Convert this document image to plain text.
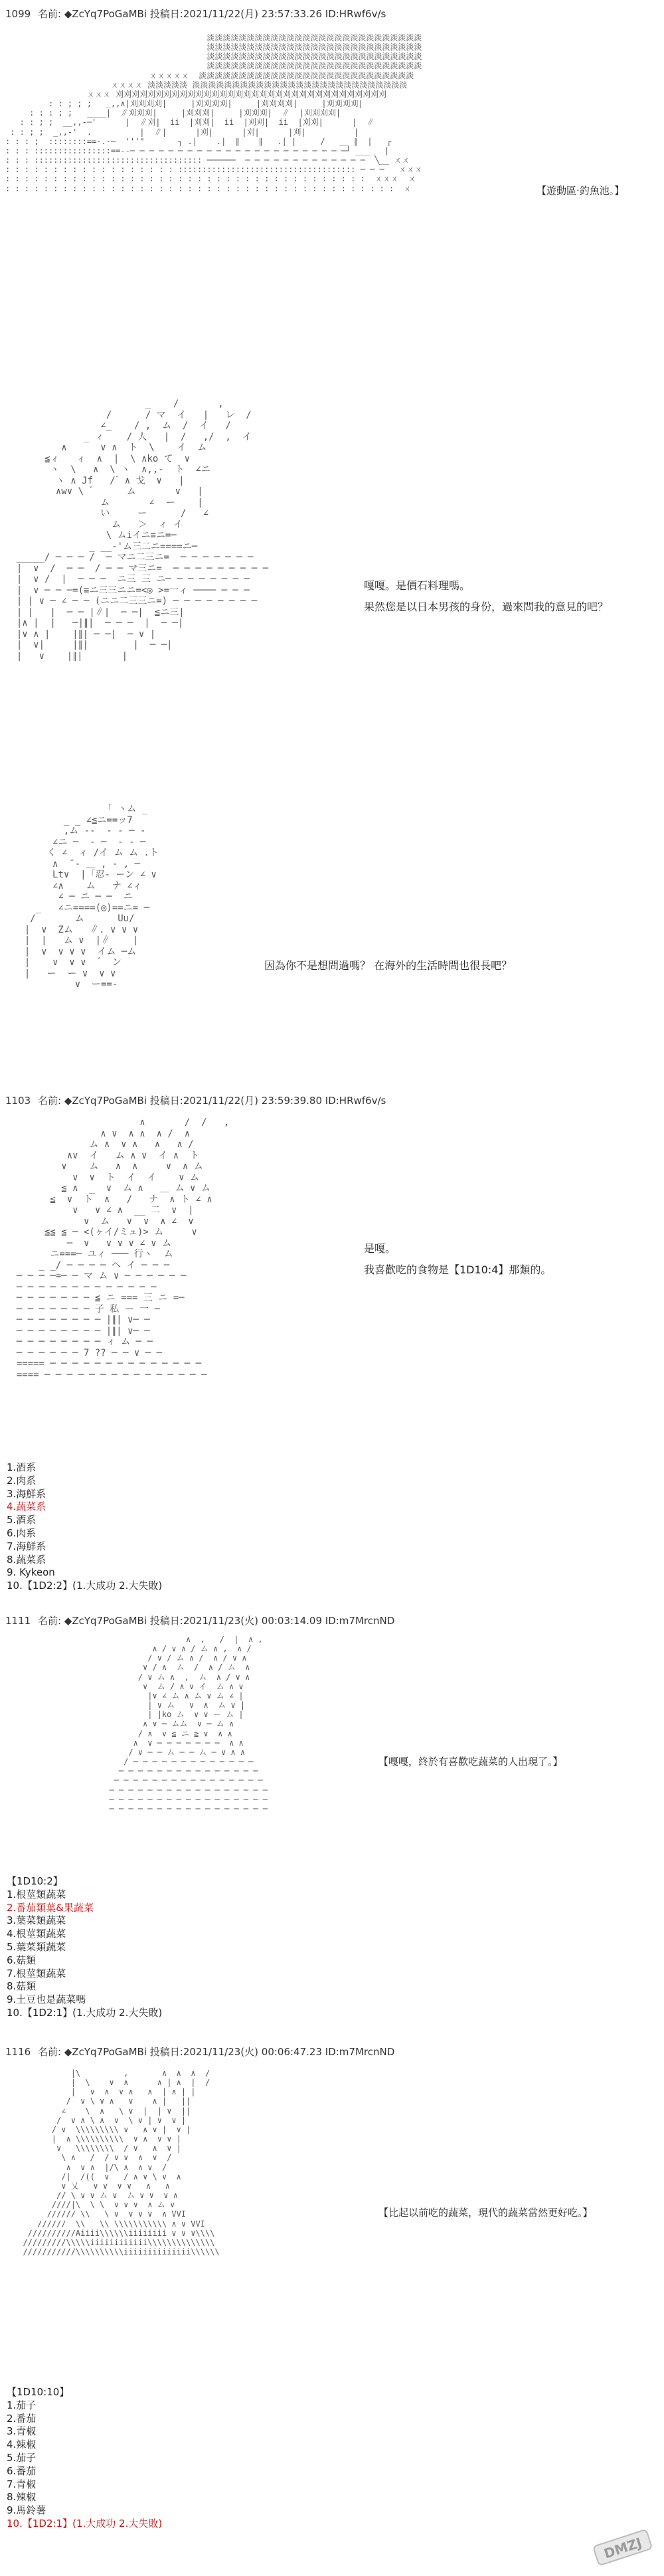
1099 名前: ◆ZcYq7PoGaMBi 投稿日:2021/11/22(月) 23:57:33.26 ID:HRwf6v/s
淡淡淡淡淡淡淡淡淡淡淡淡淡淡淡淡淡淡淡淡淡淡淡淡淡淡淡
淡淡淡淡淡淡淡淡淡淡淡淡淡淡淡淡淡淡淡淡淡淡淡淡淡淡淡
淡淡淡淡淡淡淡淡淡淡淡淡淡淡淡淡淡淡淡淡淡淡淡淡淡淡淡
淡淡淡淡淡淡淡淡淡淡淡淡淡淡淡淡淡淡淡淡淡淡淡淡淡淡淡
ㄨㄨㄨㄨㄨ  淡淡淡淡淡淡淡淡淡淡淡淡淡淡淡淡淡淡淡淡淡淡淡淡淡淡淡
ㄨㄨㄨㄨ 淡淡淡淡淡 淡淡淡淡淡淡淡淡淡淡淡淡淡淡淡淡淡淡淡淡淡淡淡淡淡淡淡
ㄨㄨㄨ 刈刈刈刈刈刈刈刈刈刈刈刈刈刈刈刈刈刈刈刈刈刈刈刈刈刈刈刈刈刈刈刈刈刈
: : ; ; ;   _,,∧|刈刈刈刈|     |刈刈刈刈|     |刈刈刈刈|     |刈刈刈刈|
: : : ; ;   ____|  ∥刈刈刈|     |刈刈刈|     |刈刈刈|  ∥  |刈刈刈刈|
: : ; ;  __,,-─'      |  ∥刈|  ii  |刈刈|  ii  |刈刈|  ii  |刈刈|      |  ∥
: : ; ;  _,,-'  .          |  ∥|      |刈|      |刈|      |刈|          |
: : : ;  ::::::::==-.-─  '''"       ┐ .|    .|  ∥    ∥   .| |     /   __ ∥  |   ┌
: : : ::::::::::::::::==--─ ─ ─ ─ ─ ─ ─ ─ ─ ─ ─ ─ ─ ─ ─ ─ ─ ─ ─ ─ ─ ─ ─┘ ___   |
: : : ::::::::::::::::::::::::::::::::::: ──────  ─ ─ ─ ─ ─ ─ ─ ─ ─ ─ ─ ─ ─  ╲__ ㄨㄨ
: : : : : : : : : : : : : : : : : : ::::::::::::::::::::::::::::::::::::: ─ ─ ─   ㄨㄨㄨ
: : : : : : : : : : : : : : : : : : : : : : : : : : : : : : : : : : : : : :  ㄨㄨㄨ  ㄨ
: : : : : : : : : : : : : : : : : : : : : : : : : : : : : : : : : : : : : : : : :  ㄨ	【遊動區·釣魚池。】
_    /       ,
/      / マ  イ   |   レ  /
∠_    / ,  ム  /  イ   /
_ ィ    / 人   |  /   ,/  ,  イ
∧      ∨ ∧  ト  \    イ  ム
≦ィ   ィ  ∧  |  \ ∧ko て  ∨
ヽ  \   ∧  \ ヽ  ∧,,-  ト  ∠ニ
ヽ ∧ Jf   /゛∧ 戈  ∨   |
∧w∨ \ ゛     ム       ∨   |
ム       ∠  ー    |
い     ー      /   ∠
ム   ＞  ィ イ
\ ムiイニ≡ニ=─
_ __-'ム三二ニ====ニ─
_____/ ─ ─ ─ /  ─ マニ二三ニ=  ─ ─ ─ ─ ─ ─ ─
|  ∨  /  ─ ─  / ─ ─ マ三ニ=  ─ ─ ─ ─ ─ ─ ─ ─ ─
|  ∨ /  |  ─ ─ ─  ニ三 三 ニ─ ─ ─ ─ ─ ─ ─ ─
|  ∨ ─ ─ ─=(≡ニ三三ニニ=<◎ >=一ィ ──── ─ ─ ─
| | ∨ ─ ∠ ─ ─ (ニニ二三三ニ=) ─ ─ ─ ─ ─ ─ ─ ─
| |   |  ─ ─ |∥|  ─ ─|  ≦ニ三|
|∧ |  |   ─|∥|  ─ ─ ─  |  ─ ─|
|∨ ∧ |    |∥| ─ ─|  ─ ∨ |
|  ∨|     |∥|        |  ─ ─|
|   ∨    |∥|       |
嘎嘎。是價石料理嗎。
果然您是以日本男孩的身份，過來問我的意見的吧？
「 ヽム _
_ _ ∠≦ニ==ッ7
,ム ‐‐  ‐ ‐ ─ ‐
∠ニ ─  ‐ ─  ‐ ‐ ─
く ∠  ィ /イ ム ム .ト
∧  ̄ ‐ ＿ , ‐ , ─
Lt∨  |「忍‐ ーン ∠ ∨
∠∧    ム   ナ ∠ィ
∠ ─ ニ ─ ─  ニ
_   ∠ニ====(◎)==ニ= ─
/       ム      U∪/
|  ∨  Zム   ∥. ∨ ∨ ∨
|  |   ム ∨  |∥    |
|  ∨  ∨ ∨ ∨  イム ─ム
|    ∨  ∨ ∨  ゛ ン
|   ー  ー ∨  ∨ ∨
∨  ー==‐
因為你不是想問過嗎？ 在海外的生活時間也很長吧？
1103 名前: ◆ZcYq7PoGaMBi 投稿日:2021/11/22(月) 23:59:39.80 ID:HRwf6v/s
∧       /  /   ,
∧ ∨  ∧ ∧  ∧ /  ∧
ム ∧  ∨ ∧   ∧   ∧ /
∧∨  イ   ム ∧ ∨  イ ∧  ト
∨    ム   ∧  ∧     ∨  ∧ ム
∨  ∨  ト  イ  イ    ∨ ム
≦ ∧  _  ∨  ム ∧   ＿ ム ∨ ム
≦  ∨  ト  ∧   /   ナ  ∧ ト ∠ ∧
∨   ∨ ∠ ∧  __ 二  ∨  |
∨  ム   ∨  ∨  ∧ ∠  ∨
≦≦ ≦ ─ <(ヶイ/ミュ)> ム     ∨
─  ∨   ∨ ∨ ∨ ∠ ∨ ム
ニ===─ ユィ ─── 行ヽ  ム
_ _/ ─ ─ ─ ─ ヘ イ ─ ─ ─
─ ─ ─ ─=─ ─ マ ム ∨ ─ ─ ─ ─ ─ ─
─ ─ ─ ─ ─ ─ ─ ─ ─ ─ ─ ─ ─
─ ─ ─ ─ ─ ─ ─ ≦ ニ === 三 ニ =─
─ ─ ─ ─ ─ ─ ─ 子 私 ー 一 ─
─ ─ ─ ─ ─ ─ ─ ─ |∥| ∨─ ─
─ ─ ─ ─ ─ ─ ─ ─ |∥| ∨─ ─
─ ─ ─ ─ ─ ─ ─ ─ ィ ム ─ ─
─ ─ ─ ─ ─ ─ 7 ?? ─ ─ ∨ ─ ─
===== ─ ─ ─ ─ ─ ─ ─ ─ ─ ─ ─ ─ ─ ─
==== ─ ─ ─ ─ ─ ─ ─ ─ ─ ─ ─ ─ ─ ─ ─
是嘎。
我喜歡吃的食物是【1D10:4】那類的。
1.酒系
2.肉系
3.海鮮系
4.蔬菜系
5.酒系
6.肉系
7.海鮮系
8.蔬菜系
9. Kykeon
10.【1D2:2】(1.大成功 2.大失敗)
1111 名前: ◆ZcYq7PoGaMBi 投稿日:2021/11/23(火) 00:03:14.09 ID:m7MrcnND
∧  ,   /  |  ∧ ,
∧ / ∨ ∧ / ム ∧ ,  ∧ /
/ ∨ / ム ∧ /  ∧ / ∨ ∧
∨ / ∧  ム  /  ∧ / ム  ∧
/ ∨ ム ∧  ,  ム  ∧ / ∨ ∧
∨  ム / ∧ ∨ イ  ム ∧ ∨
|∨ ∠ ム ∧ ム ∨ ム ∠ |
| ∨ ム   ∨  ∧  ム ∨ |
| |ko ム  ∨ ∨ ー ム |
∧ ∨ ─ ムム  ∨ ─ ム ∧
/ ∧  ∨ ≦ ニ ≧ ∨  ∧ ∧
∧  ∨ ─ ─ ─ ─ ─ ─ ─  ∧ ∧
/ ∨ ─ ─ ム ─ ─ ム ─ ∨ ∧ ∧
/ ─ ─ ─ ─ ─ ─ ─ ─ ─ ─ ─ ─ ─
─ ─ ─ ─ ─ ─ ─ ─ ─ ─ ─ ─ ─ ─ ─
─ ─ ─ ─ ─ ─ ─ ─ ─ ─ ─ ─ ─ ─ ─ ─
─ ─ ─ ─ ─ ─ ─ ─ ─ ─ ─ ─ ─ ─ ─ ─ ─
─ ─ ─ ─ ─ ─ ─ ─ ─ ─ ─ ─ ─ ─ ─ ─ ─
─ ─ ─ ─ ─ ─ ─ ─ ─ ─ ─ ─ ─ ─ ─ ─ ─
【嘎嘎，終於有喜歡吃蔬菜的人出現了。】
【1D10:2】
1.根莖類蔬菜
2.番茄類葉&果蔬菜
3.葉菜類蔬菜
4.根莖類蔬菜
5.葉菜類蔬菜
6.菇類
7.根莖類蔬菜
8.菇類
9.土豆也是蔬菜嗎
10.【1D2:1】(1.大成功 2.大失敗)
1116 名前: ◆ZcYq7PoGaMBi 投稿日:2021/11/23(火) 00:06:47.23 ID:m7MrcnND
|\         ,       ∧  ∧  ∧  /
|  \    ∨  ∧      ∧ | ∧  |  /
|   ∨  ∧  ∨ ∧   ∧  | ∧ | |
/  ∨ \ ∨ ∧   ∨    ∧ |   ||
∠    \  ∧   \ ∨  |  | ∨  ||
/  ∨ ∧ \ ∧  ∨  \ ∨ | ∨  ∨ |
/ ∨  \\\\\\\\\ ∨   ∧ ∨ |  ∨ |
|  ∧ \\\\\\\\\\  ∨ ∧  ∨ ∨ |
∨   \\\\\\\\  / ∨   ∧  ∨ |
\ ∧   /  / ∨ ∨  ∧  ∨  /
∧  ∨ ∧  |/\ ∧  ∧ ∨  /
/|  /((  ∨   / ∧ ∨ \ ∨  ∧
∨ 乂   ∨ ∨  ∨ ∨   ∧   ∧
// \ ∨ ∨ ム ∨  ム ∨ ∨  ∨ ∧
////|\  \ \  ∨ ∨ ∨  ∧ ム ∨
////// \\   \ ∨  ∨ ∨ ∨  ∧ VVI
//////  \\   \\ \\\\\\\\\\\ ∧ ∨ VVI
//////////Aiiii\\\\\\iiiiiiii ∨ ∨ ∨\\\\
/////////\\\\\iiiiiiiiiiii\\\\\\\\\\\\\\
///////////\\\\\\\\\\iiiiiiiiiiiiii\\\\\\
【比起以前吃的蔬菜，現代的蔬菜當然更好吃。】
【1D10:10】
1.茄子
2.番茄
3.青椒
4.辣椒
5.茄子
6.番茄
7.青椒
8.辣椒
9.馬鈴薯
10.【1D2:1】(1.大成功 2.大失敗)
DMZJ
